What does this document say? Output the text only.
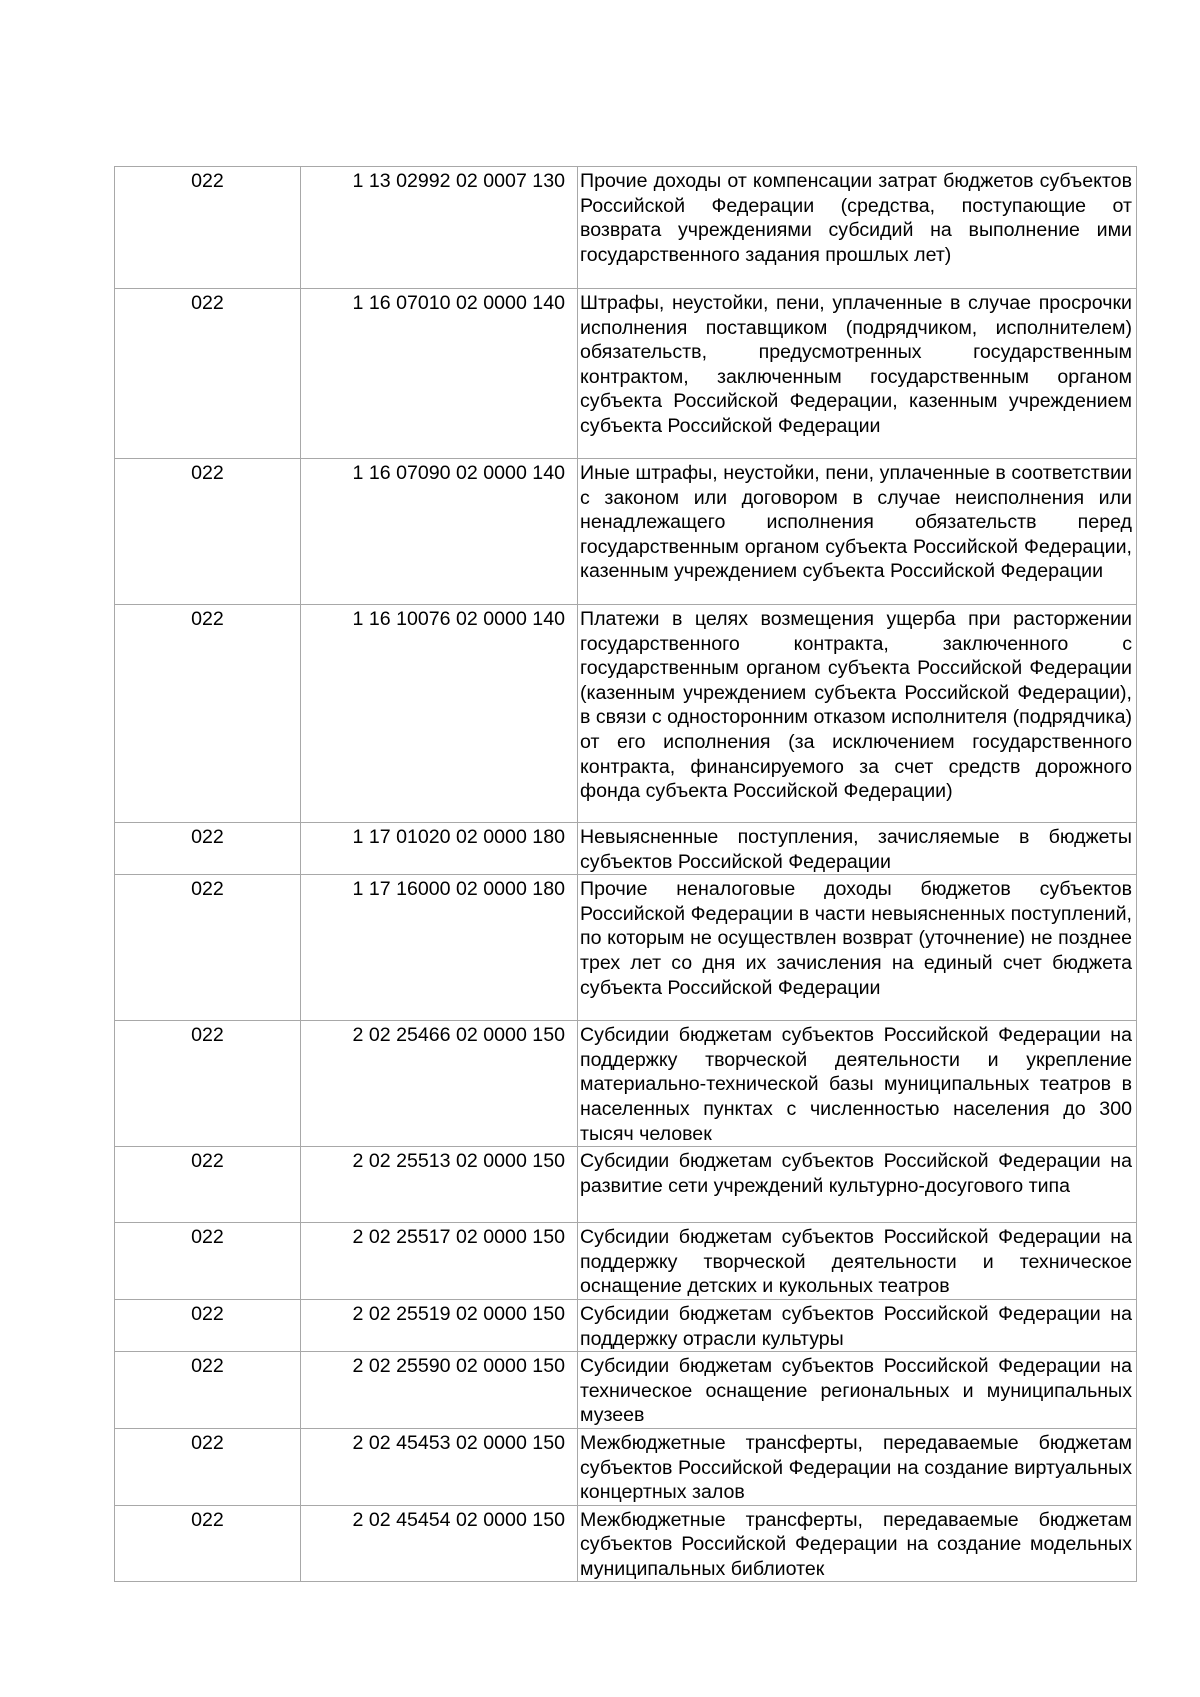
022	1 13 02992 02 0007 130	Прочие доходы от компенсации затрат бюджетов субъектов Российской Федерации (средства, поступающие от возврата учреждениями субсидий на выполнение ими государственного задания прошлых лет)
022	1 16 07010 02 0000 140	Штрафы, неустойки, пени, уплаченные в случае просрочки исполнения поставщиком (подрядчиком, исполнителем) обязательств, предусмотренных государственным контрактом, заключенным государственным органом субъекта Российской Федерации, казенным учреждением субъекта Российской Федерации
022	1 16 07090 02 0000 140	Иные штрафы, неустойки, пени, уплаченные в соответствии с законом или договором в случае неисполнения или ненадлежащего исполнения обязательств перед государственным органом субъекта Российской Федерации, казенным учреждением субъекта Российской Федерации
022	1 16 10076 02 0000 140	Платежи в целях возмещения ущерба при расторжении государственного контракта, заключенного с государственным органом субъекта Российской Федерации (казенным учреждением субъекта Российской Федерации), в связи с односторонним отказом исполнителя (подрядчика) от его исполнения (за исключением государственного контракта, финансируемого за счет средств дорожного фонда субъекта Российской Федерации)
022	1 17 01020 02 0000 180	Невыясненные поступления, зачисляемые в бюджеты субъектов Российской Федерации
022	1 17 16000 02 0000 180	Прочие неналоговые доходы бюджетов субъектов Российской Федерации в части невыясненных поступлений, по которым не осуществлен возврат (уточнение) не позднее трех лет со дня их зачисления на единый счет бюджета субъекта Российской Федерации
022	2 02 25466 02 0000 150	Субсидии бюджетам субъектов Российской Федерации на поддержку творческой деятельности и укрепление материально-технической базы муниципальных театров в населенных пунктах с численностью населения до 300 тысяч человек
022	2 02 25513 02 0000 150	Субсидии бюджетам субъектов Российской Федерации на развитие сети учреждений культурно-досугового типа
022	2 02 25517 02 0000 150	Субсидии бюджетам субъектов Российской Федерации на поддержку творческой деятельности и техническое оснащение детских и кукольных театров
022	2 02 25519 02 0000 150	Субсидии бюджетам субъектов Российской Федерации на поддержку отрасли культуры
022	2 02 25590 02 0000 150	Субсидии бюджетам субъектов Российской Федерации на техническое оснащение региональных и муниципальных музеев
022	2 02 45453 02 0000 150	Межбюджетные трансферты, передаваемые бюджетам субъектов Российской Федерации на создание виртуальных концертных залов
022	2 02 45454 02 0000 150	Межбюджетные трансферты, передаваемые бюджетам субъектов Российской Федерации на создание модельных муниципальных библиотек
